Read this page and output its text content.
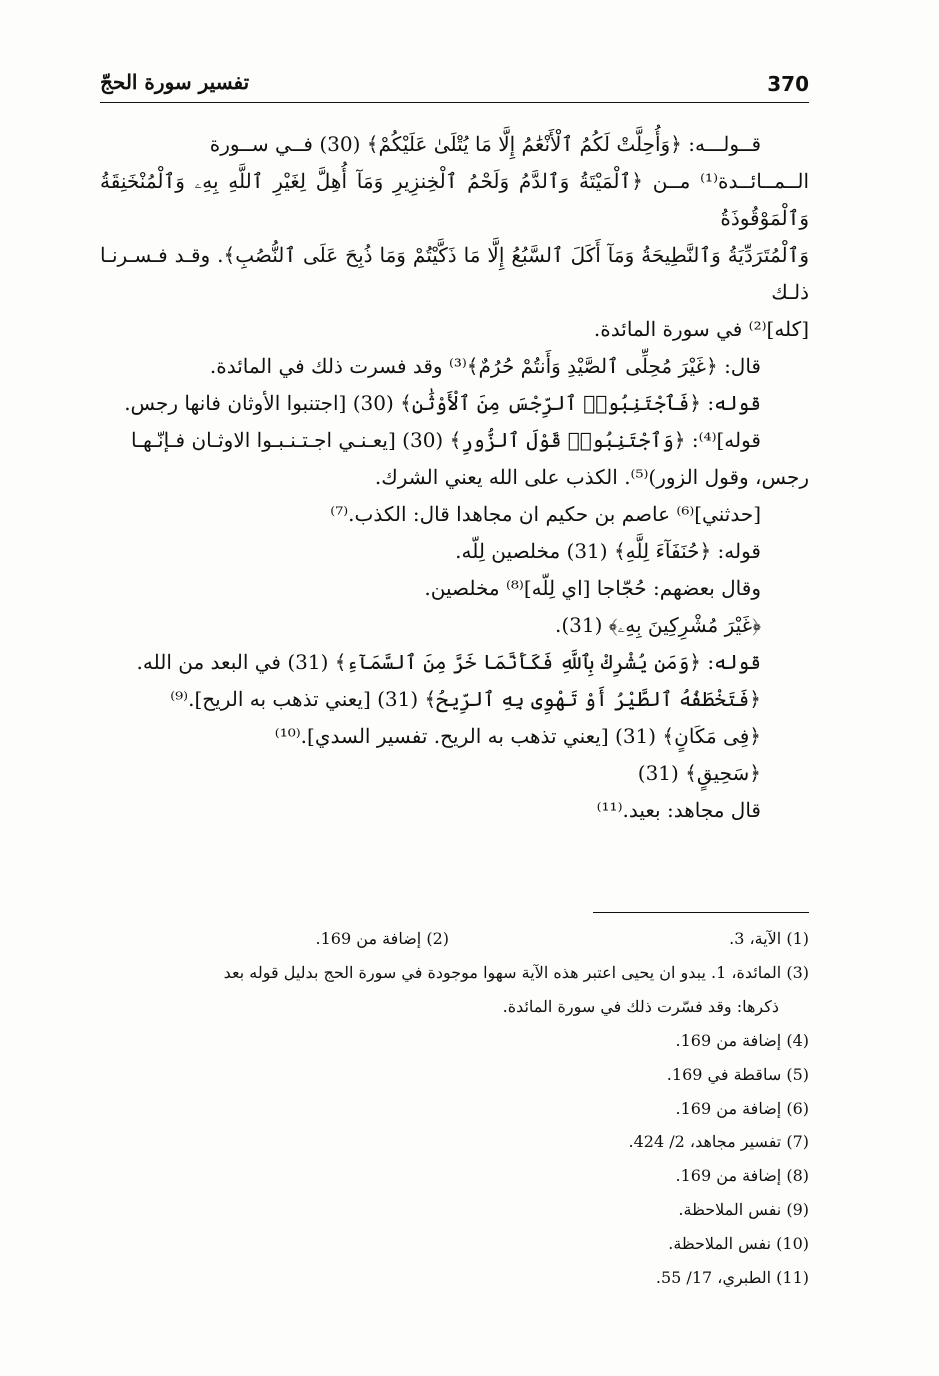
370
تفسير سورة الحجّ

قــولـــه: ﴿وَأُحِلَّتْ لَكُمُ ٱلْأَنْعَٰمُ إِلَّا مَا يُتْلَىٰ عَلَيْكُمْ﴾ (30) فــي ســورة

الــمــائــدة⁽¹⁾ مــن ﴿ٱلْمَيْتَةُ وَٱلدَّمُ وَلَحْمُ ٱلْخِنزِيرِ وَمَآ أُهِلَّ لِغَيْرِ ٱللَّهِ بِهِۦ وَٱلْمُنْخَنِقَةُ وَٱلْمَوْقُوذَةُ

وَٱلْمُتَرَدِّيَةُ وَٱلنَّطِيحَةُ وَمَآ أَكَلَ ٱلسَّبُعُ إِلَّا مَا ذَكَّيْتُمْ وَمَا ذُبِحَ عَلَى ٱلنُّصُبِ﴾. وقـد فـسـرنـا ذلـك

[كله]⁽²⁾ في سورة المائدة.

قال: ﴿غَيْرَ مُحِلِّى ٱلصَّيْدِ وَأَنتُمْ حُرُمٌ﴾⁽³⁾ وقد فسرت ذلك في المائدة.

قوله: ﴿فَٱجْتَنِبُوا۟ ٱلرِّجْسَ مِنَ ٱلْأَوْثَٰنِ﴾ (30) [اجتنبوا الأوثان فانها رجس.

قوله]⁽⁴⁾: ﴿وَٱجْتَنِبُوا۟ قَوْلَ ٱلزُّورِ﴾ (30) [يعـنـي اجـتـنـبـوا الاوثـان فـإنّـهـا

رجس، وقول الزور)⁽⁵⁾. الكذب على الله يعني الشرك.

[حدثني]⁽⁶⁾ عاصم بن حكيم ان مجاهدا قال: الكذب.⁽⁷⁾

قوله: ﴿حُنَفَآءَ لِلَّهِ﴾ (31) مخلصين لِلّه.

وقال بعضهم: حُجّاجا [اي لِلّه]⁽⁸⁾ مخلصين.

﴿غَيْرَ مُشْرِكِينَ بِهِۦ﴾ (31).

قوله: ﴿وَمَن يُشْرِكْ بِٱللَّهِ فَكَأَنَّمَا خَرَّ مِنَ ٱلسَّمَآءِ﴾ (31) في البعد من الله.

﴿فَتَخْطَفُهُ ٱلطَّيْرُ أَوْ تَهْوِى بِهِ ٱلرِّيحُ﴾ (31) [يعني تذهب به الريح].⁽⁹⁾

﴿فِى مَكَانٍ﴾ (31) [يعني تذهب به الريح. تفسير السدي].⁽¹⁰⁾

﴿سَحِيقٍ﴾ (31)

قال مجاهد: بعيد.⁽¹¹⁾

(1) الآية، 3.

(2) إضافة من 169.

(3) المائدة، 1. يبدو ان يحيى اعتبر هذه الآية سهوا موجودة في سورة الحج بدليل قوله بعد

ذكرها: وقد فسّرت ذلك في سورة المائدة.

(4) إضافة من 169.

(5) ساقطة في 169.

(6) إضافة من 169.

(7) تفسير مجاهد، 2/ 424.

(8) إضافة من 169.

(9) نفس الملاحظة.

(10) نفس الملاحظة.

(11) الطبري، 17/ 55.
